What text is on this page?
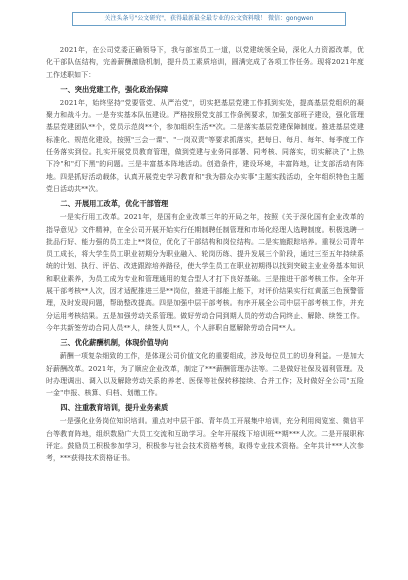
关注头条号"公文研究"，获得最新最全最专业的公文资料哦！ 微信：gongwen

2021年，在公司党委正确领导下，我与部室员工一道，以党建统领全局，深化人力资源改革，优化干部队伍结构，完善薪酬激励机制，提升员工素质培训，圆满完成了各项工作任务。现将2021年度工作述职如下：

一、突出党建工作，强化政治保障

2021年，始终坚持"党要管党、从严治党"，切实把基层党建工作抓到实处，提高基层党组织的凝聚力和战斗力。一是夯实基本队伍建设。严格按照党支部工作条例要求，加强支部班子建设，强化管理基层党建团队**个，党员示范岗**个，参加组织生活**次。二是落实基层党建保障制度。推进基层党建标准化、规范化建设，按照"三会一课"、"一岗双责"等要求抓落实，把每日、每月、每年、每季度工作任务落实到位。扎实开展党员教育管理，做到党建与业务同部署、同考核、同落实，切实解决了"上热下冷"和"灯下黑"的问题。三是丰富基本阵地活动。创造条件，建设环境，丰富阵地，让支部活动有阵地。四是抓好活动载体，认真开展党史学习教育和"我为群众办实事"主题实践活动，全年组织特色主题党日活动共**次。

二、开展用工改革，优化干部管理

一是实行用工改革。2021年，是国有企业改革三年的开局之年，按照《关于深化国有企业改革的指导意见》文件精神，在全公司开展开始实行任期制聘任制管理和市场化经理人选聘制度。积极选聘一批品行好、能力强的员工走上**岗位，优化了干部结构和岗位结构。二是实施跟踪培养。重视公司青年员工成长，将大学生员工职业初期分为职业融入、轮岗历练、提升发展三个阶段，通过三至五年持续系统的计划、执行、评估、改进跟踪培养路径，使大学生员工在职业初期得以找到突破主业业务基本知识和职业素养，为员工成为专业和管理通用的复合型人才打下良好基础。三是推进干部考核工作。全年开展干部考核**人次，因才适配推进三是**岗位，推进干部能上能下，对评价结果实行红黄蓝三色预警管理，及时发现问题，帮助整改提高。四是加强中层干部考核。有序开展全公司中层干部考核工作，并充分运用考核结果。五是加强劳动关系管理。做好劳动合同到期人员的劳动合同终止、解除、续签工作。今年共新签劳动合同人员**人，续签人员**人，个人辞职自愿解除劳动合同**人。

三、优化薪酬机制，体现价值导向

薪酬一项复杂细致的工作，是体现公司价值文化的重要组成，涉及每位员工的切身利益。一是加大好薪酬改革。2021年，为了顺应企业改革，制定了***薪酬管理办法等。二是做好社保及福利管理。及时办理调出、调入以及解除劳动关系的养老、医保等社保转移接续、合并工作；及时做好全公司"五险一金"申报、核算、归档、划缴工作。

四、注重教育培训，提升业务素质

一是强化业务岗位知识培训。重点对中层干部、青年员工开展集中培训，充分利用阅览室、微信平台等教育阵地，组织数励广大员工交流和互助学习。全年开展线下培训班**期***人次。二是开展职称评定。鼓励员工积极参加学习，积极参与社会技术资格考核，取得专业技术资格。全年共计***人次参考，***获得技术资格证书。
